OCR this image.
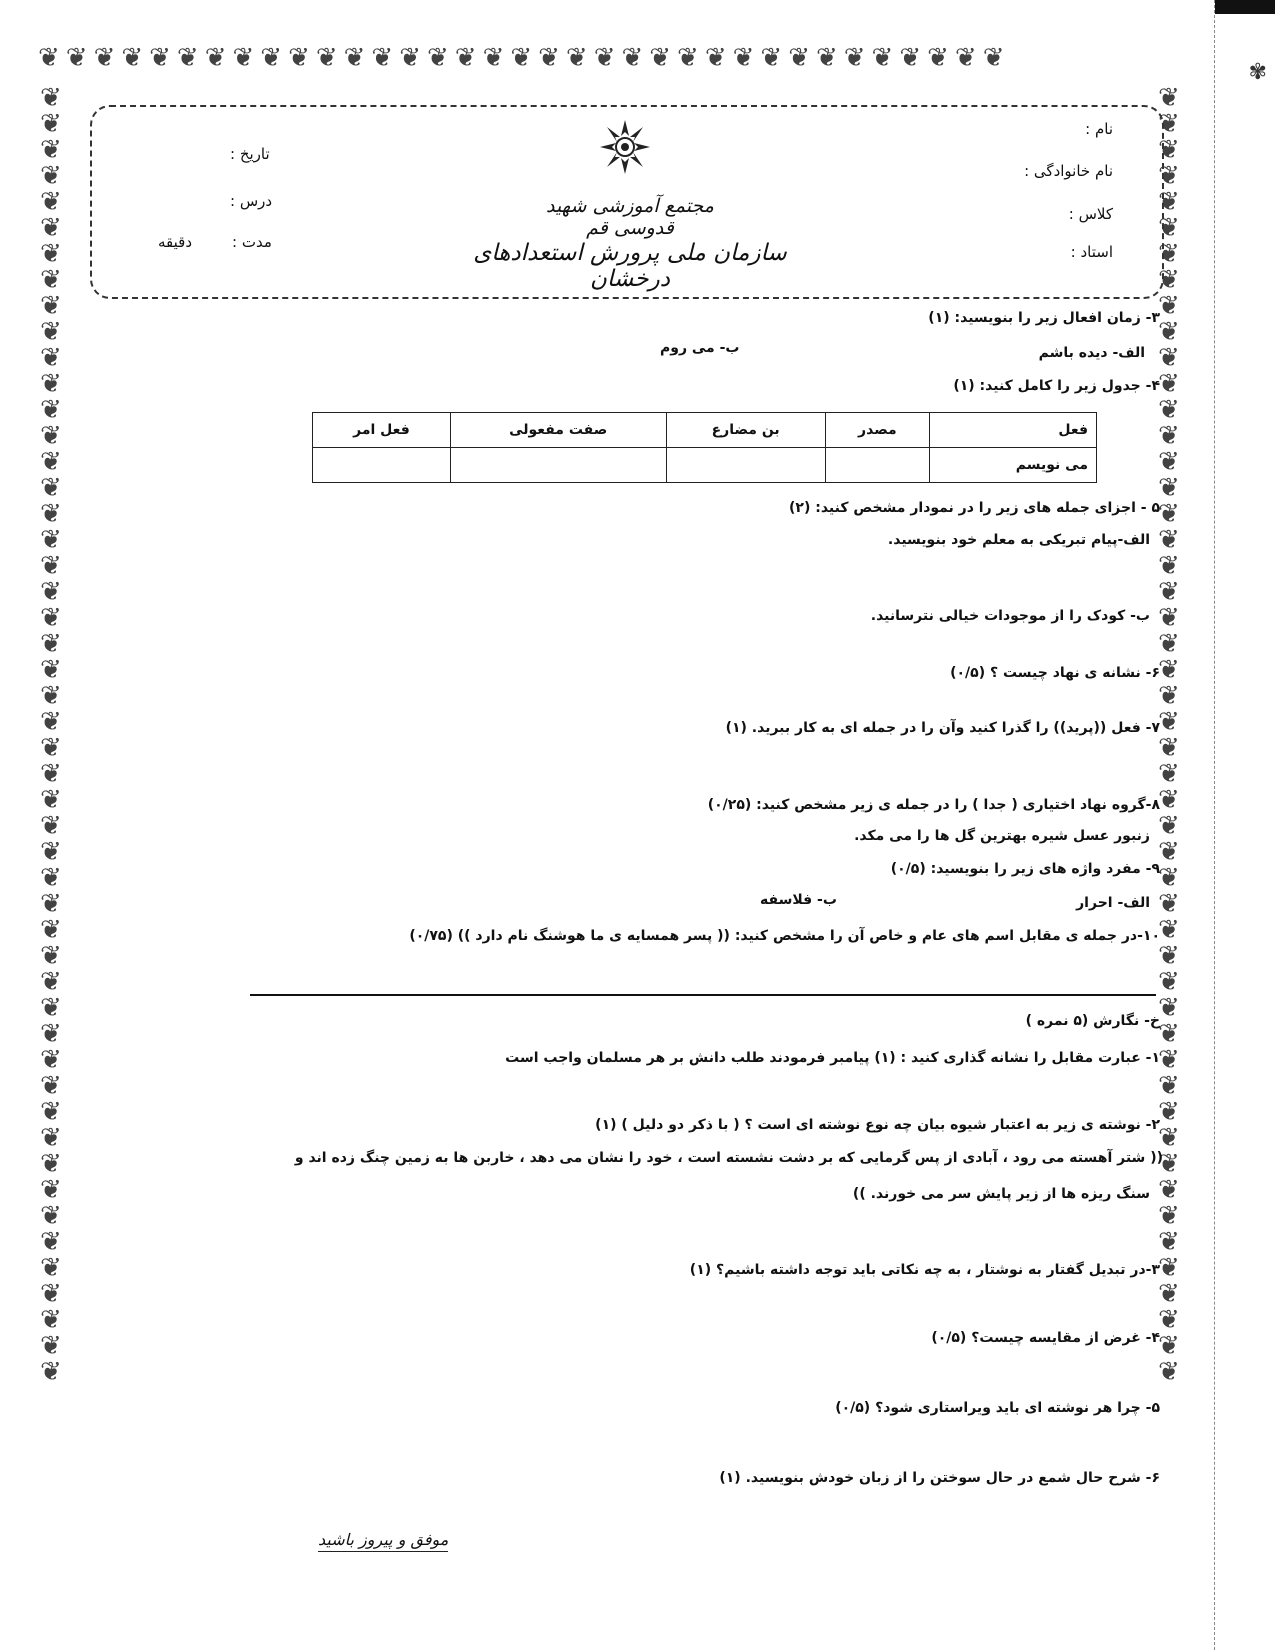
❦❦❦❦❦❦❦❦❦❦❦❦❦❦❦❦❦❦❦❦❦❦❦❦❦❦❦❦❦❦❦❦❦❦❦
❦❦❦❦❦❦❦❦❦❦❦❦❦❦❦❦❦❦❦❦❦❦❦❦❦❦❦❦❦❦❦❦❦❦❦❦❦❦❦❦❦❦❦❦❦❦❦❦❦❦
❦❦❦❦❦❦❦❦❦❦❦❦❦❦❦❦❦❦❦❦❦❦❦❦❦❦❦❦❦❦❦❦❦❦❦❦❦❦❦❦❦❦❦❦❦❦❦❦❦❦
✾
نام :
نام خانوادگی :
کلاس :
استاد :
تاریخ :
درس :
مدت :
دقیقه
مجتمع آموزشی شهید قدوسی قم
سازمان ملی پرورش استعدادهای درخشان
۳- زمان افعال زیر را بنویسید: (۱)
الف- دیده باشم
ب- می روم
۴- جدول زیر را کامل کنید: (۱)
فعل	مصدر	بن مضارع	صفت مفعولی	فعل امر
می نویسم				
۵ - اجزای جمله های زیر را در نمودار مشخص کنید: (۲)
الف-پیام تبریکی به معلم خود بنویسید.
ب- کودک را از موجودات خیالی نترسانید.
۶- نشانه ی نهاد چیست ؟ (۰/۵)
۷- فعل ((پرید)) را گذرا کنید وآن را در جمله ای به کار ببرید. (۱)
۸-گروه نهاد اختیاری ( جدا ) را در جمله ی زیر مشخص کنید: (۰/۲۵)
زنبور عسل شیره بهترین گل ها را می مکد.
۹- مفرد واژه های زیر را بنویسید: (۰/۵)
الف- احرار
ب- فلاسفه
۱۰-در جمله ی مقابل اسم های عام و خاص آن را مشخص کنید: (( پسر همسایه ی ما هوشنگ نام دارد )) (۰/۷۵)
خ- نگارش (۵ نمره )
۱- عبارت مقابل را نشانه گذاری کنید : (۱) پیامبر فرمودند طلب دانش بر هر مسلمان واجب است
۲- نوشته ی زیر به اعتبار شیوه بیان چه نوع نوشته ای است ؟ ( با ذکر دو دلیل ) (۱)
(( شتر آهسته می رود ، آبادی از پس گرمایی که بر دشت نشسته است ، خود را نشان می دهد ، خاربن ها به زمین چنگ زده اند و
سنگ ریزه ها از زیر پایش سر می خورند. ))
۳-در تبدیل گفتار به نوشتار ، به چه نکاتی باید توجه داشته باشیم؟ (۱)
۴- غرض از مقایسه چیست؟ (۰/۵)
۵- چرا هر نوشته ای باید ویراستاری شود؟ (۰/۵)
۶- شرح حال شمع در حال سوختن را از زبان خودش بنویسید. (۱)
موفق و پیروز باشید
